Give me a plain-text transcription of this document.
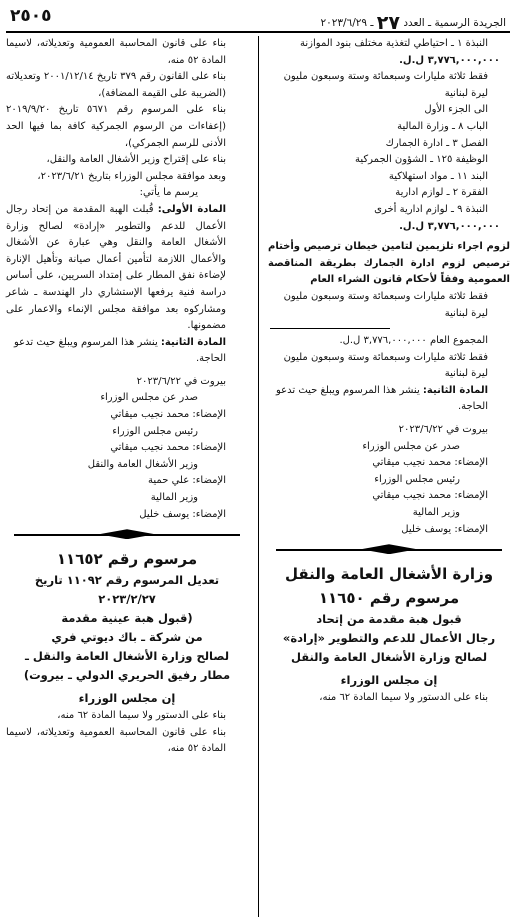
الجريدة الرسمية ـ العدد ٢٧ ـ ٢٠٢٣/٦/٢٩
٢٥٠٥

النبذة ١ ـ احتياطي لتغذية مختلف بنود الموازنة

٣,٧٧٦,٠٠٠,٠٠٠ ل.ل.

فقط ثلاثة مليارات وسبعمائة وستة وسبعون مليون ليرة لبنانية

الى الجزء الأول

الباب ٨ ـ وزارة المالية

الفصل ٣ ـ ادارة الجمارك

الوظيفة ١٢٥ ـ الشؤون الجمركية

البند ١١ ـ مواد استهلاكية

الفقرة ٢ ـ لوازم ادارية

النبذة ٩ ـ لوازم ادارية أخرى

٣,٧٧٦,٠٠٠,٠٠٠ ل.ل.

لزوم اجراء تلزيمين لتامين خيطان ترصيص وأختام ترصيص لزوم ادارة الجمارك بطريقة المناقصة العمومية وفقاً لأحكام قانون الشراء العام

فقط ثلاثة مليارات وسبعمائة وستة وسبعون مليون ليرة لبنانية

المجموع العام ٣,٧٧٦,٠٠٠,٠٠٠ ل.ل.

فقط ثلاثة مليارات وسبعمائة وستة وسبعون مليون ليرة لبنانية

المادة الثانية: ينشر هذا المرسوم ويبلغ حيث تدعو الحاجة.

بيروت في ٢٠٢٣/٦/٢٢

صدر عن مجلس الوزراء

الإمضاء: محمد نجيب ميقاتي

رئيس مجلس الوزراء

الإمضاء: محمد نجيب ميقاتي

وزير المالية

الإمضاء: يوسف خليل

وزارة الأشغال العامة والنقل

مرسوم رقم ١١٦٥٠

قبول هبة مقدمة من إتحاد

رجال الأعمال للدعم والتطوير «إرادة»

لصالح وزارة الأشغال العامة والنقل

إن مجلس الوزراء

بناء على الدستور ولا سيما المادة ٦٢ منه،

بناء على قانون المحاسبة العمومية وتعديلاته، لاسيما المادة ٥٢ منه،

بناء على القانون رقم ٣٧٩ تاريخ ٢٠٠١/١٢/١٤ وتعديلاته (الضريبة على القيمة المضافة)،

بناء على المرسوم رقم ٥٦٧١ تاريخ ٢٠١٩/٩/٢٠ (إعفاءات من الرسوم الجمركية كافة بما فيها الحد الأدنى للرسم الجمركي)،

بناء على إقتراح وزير الأشغال العامة والنقل،

وبعد موافقة مجلس الوزراء بتاريخ ٢٠٢٣/٦/٢١،

يرسم ما يأتي:

المادة الأولى: قُبلت الهبة المقدمة من إتحاد رجال الأعمال للدعم والتطوير «إرادة» لصالح وزارة الأشغال العامة والنقل وهي عبارة عن الأشغال والأعمال اللازمة لتأمين أعمال صيانة وتأهيل الإنارة لإضاءة نفق المطار على إمتداد السريين، على أساس دراسة فنية يرفعها الإستشاري دار الهندسة ـ شاعر ومشاركوه بعد موافقة مجلس الإنماء والاعمار على مضمونها.

المادة الثانية: ينشر هذا المرسوم ويبلغ حيث تدعو الحاجة.

بيروت في ٢٠٢٣/٦/٢٢

صدر عن مجلس الوزراء

الإمضاء: محمد نجيب ميقاتي

رئيس مجلس الوزراء

الإمضاء: محمد نجيب ميقاتي

وزير الأشغال العامة والنقل

الإمضاء: علي حمية

وزير المالية

الإمضاء: يوسف خليل

مرسوم رقم ١١٦٥٢

تعديل المرسوم رقم ١١٠٩٢ تاريخ ٢٠٢٣/٢/٢٧

(قبول هبة عينية مقدمة

من شركة ـ باك ديوتي فري

لصالح وزارة الأشغال العامة والنقل ـ

مطار رفيق الحريري الدولي ـ بيروت)

إن مجلس الوزراء

بناء على الدستور ولا سيما المادة ٦٢ منه،

بناء على قانون المحاسبة العمومية وتعديلاته، لاسيما المادة ٥٢ منه،
